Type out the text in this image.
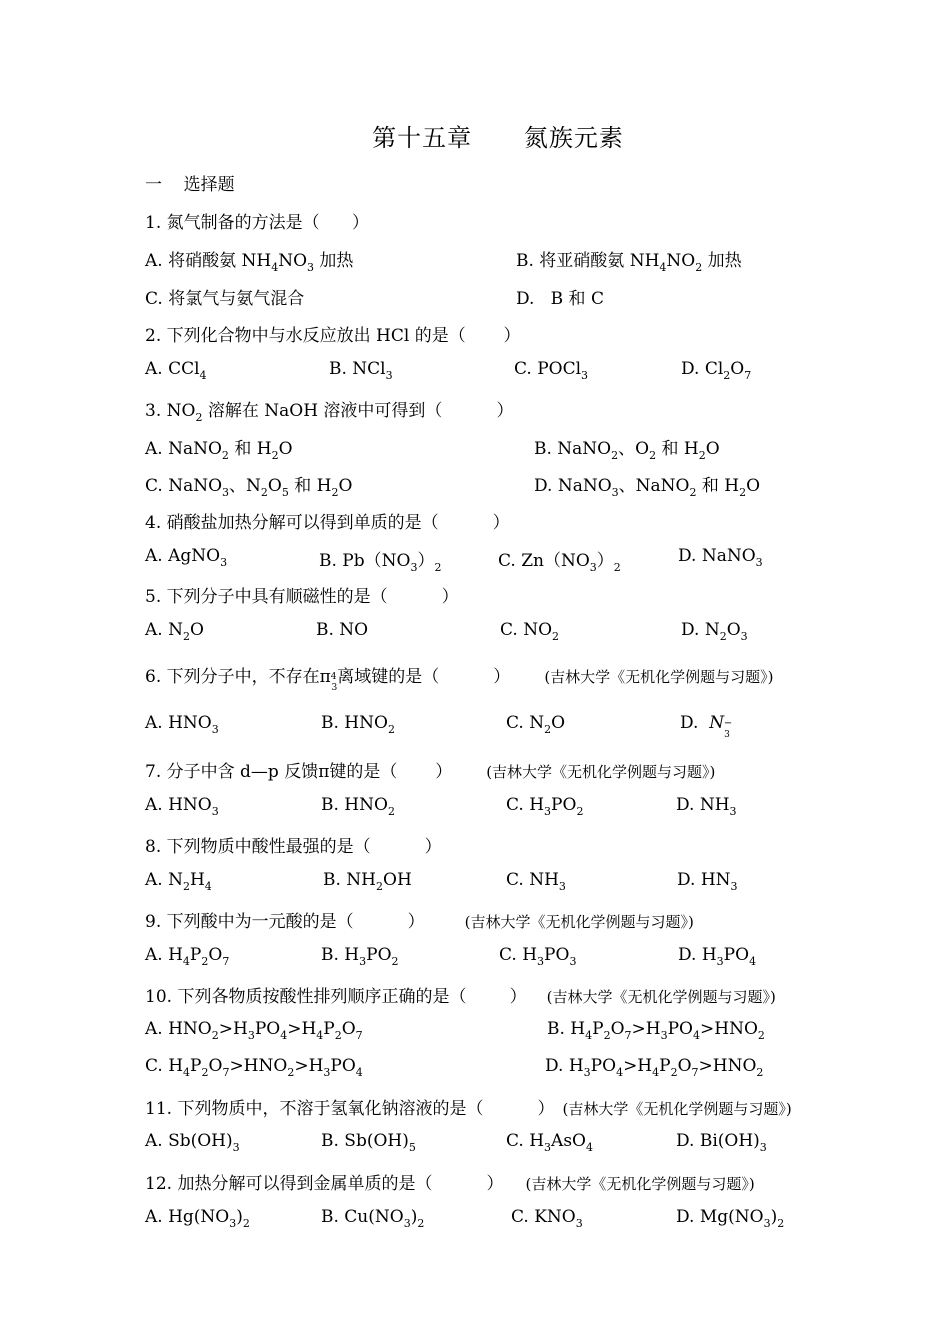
第十五章      氮族元素
一    选择题
1. 氮气制备的方法是（      ）
A. 将硝酸氨 $NH_4NO_3$ 加热	B. 将亚硝酸氨 $NH_4NO_2$ 加热
C. 将氯气与氨气混合	D.   B 和 C
2. 下列化合物中与水反应放出 HCl 的是（       ）
A. CCl$_4$	B. NCl$_3$	C. POCl$_3$	D. $Cl_2O_7$
3. $NO_2$ 溶解在 NaOH 溶液中可得到（          ）
A. NaNO$_2$ 和 $H_2O$	B. NaNO$_2$、$O_2$ 和 $H_2O$
C. NaNO$_3$、$N_2O_5$ 和 $H_2O$	D. NaNO$_3$、NaNO$_2$ 和 $H_2O$
4. 硝酸盐加热分解可以得到单质的是（          ）
A. AgNO$_3$	B. $Pb(NO_3)_2$	C. $Zn(NO_3)_2$
D. NaNO$_3$
5. 下列分子中具有顺磁性的是（          ）
A. $N_2O$	B. NO	C. $NO_2$	D. $N_2O_3$
6. 下列分子中，不存在$\pi 4_3$离域键的是（          ） (吉林大学《无机化学例题与习题》)
A. $HNO_3$	B. $HNO_2$	C. $N_2O$	D. $N_3-$
7. 分子中含 d—p 反馈π键的是（       ） (吉林大学《无机化学例题与习题》)
A. $HNO_3$	B. $HNO_2$	C. $H_3PO_2$	D. $NH_3$
8. 下列物质中酸性最强的是（          ）
A. $N_2H_4$	B. $NH_2OH$	C. $NH_3$	D. $HN_3$
9. 下列酸中为一元酸的是（          ）	(吉林大学《无机化学例题与习题》)
A. $H_4P_2O_7$	B. $H_3PO_2$	C. $H_3PO_3$	D. $H_3PO_4$
10. 下列各物质按酸性排列顺序正确的是（        ） (吉林大学《无机化学例题与习题》)
A. $HNO_2>H_3PO_4>H_4P_2O_7$	B. $H_4P_2O_7>H_3PO_4>HNO_2$
C. $H_4P_2O_7>HNO_2>H_3PO_4$	D. $H_3PO_4>H_4P_2O_7>HNO_2$
11. 下列物质中，不溶于氢氧化钠溶液的是（          ） (吉林大学《无机化学例题与习题》)
A. $Sb(OH)_3$	B. $Sb(OH)_5$	C. $H_3AsO_4$	D. $Bi(OH)_3$
12. 加热分解可以得到金属单质的是（          ） (吉林大学《无机化学例题与习题》)
A. $Hg(NO_3)_2$	B. $Cu(NO_3)_2$	C. $KNO_3$	D. $Mg(NO_3)_2$
